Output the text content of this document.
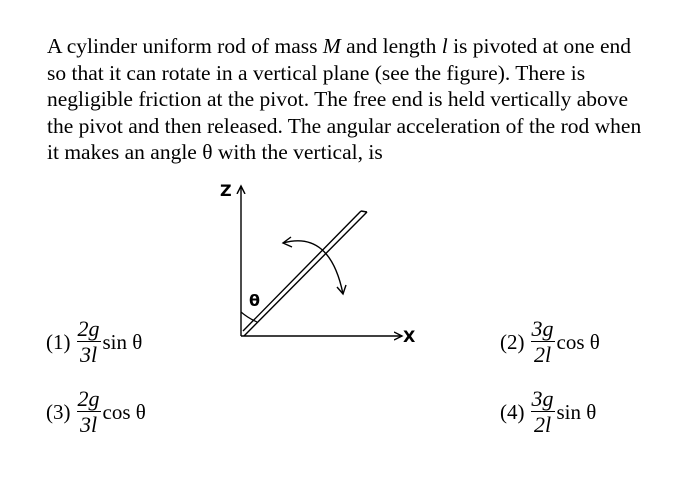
A cylinder uniform rod of mass M and length l is pivoted at one end so that it can rotate in a vertical plane (see the figure). There is negligible friction at the pivot. The free end is held vertically above the pivot and then released. The angular acceleration of the rod when it makes an angle θ with the vertical, is

Z
X
θ
$(1) \frac{2g}{3l}$ sin θ	$(2) \frac{3g}{2l}$ cos θ
$(3) \frac{2g}{3l}$ cos θ	$(4) \frac{3g}{2l}$ sin θ
